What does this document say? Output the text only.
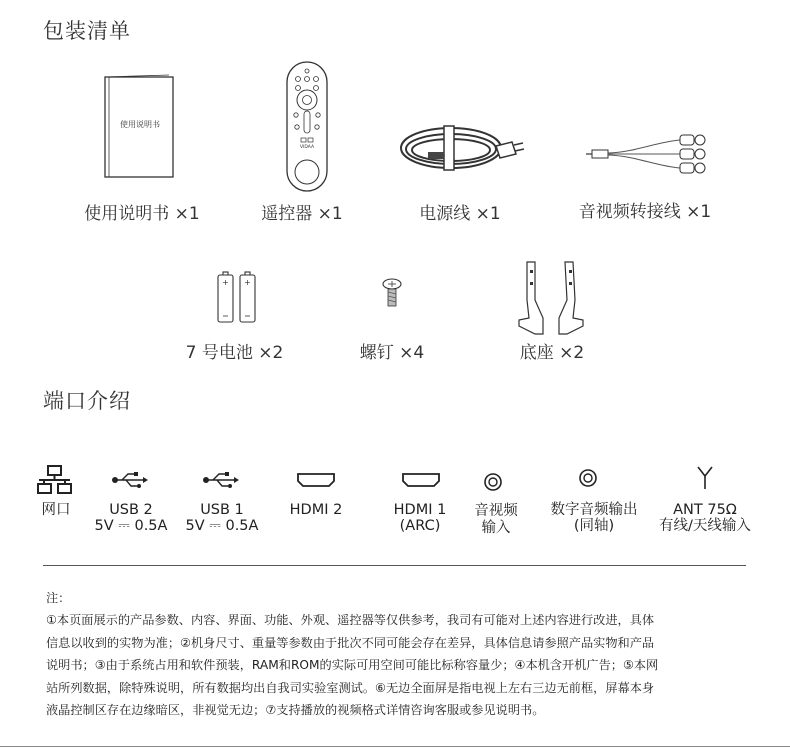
包装清单
使用说明书
VIDAA
使用说明书 ×1	遥控器 ×1	电源线 ×1	音视频转接线 ×1
+ +
7 号电池 ×2	螺钉 ×4	底座 ×2
端口介绍
网口	USB 2
5V ⎓ 0.5A
USB 1
5V ⎓ 0.5A
HDMI 2	HDMI 1
(ARC)
音视频
输入
数字音频输出
(同轴)
ANT 75Ω
有线/天线输入
注：
①本页面展示的产品参数、内容、界面、功能、外观、遥控器等仅供参考，我司有可能对上述内容进行改进，具体
信息以收到的实物为准；②机身尺寸、重量等参数由于批次不同可能会存在差异，具体信息请参照产品实物和产品
说明书；③由于系统占用和软件预装，RAM和ROM的实际可用空间可能比标称容量少；④本机含开机广告；⑤本网
站所列数据，除特殊说明，所有数据均出自我司实验室测试。⑥无边全面屏是指电视上左右三边无前框，屏幕本身
液晶控制区存在边缘暗区，非视觉无边；⑦支持播放的视频格式详情咨询客服或参见说明书。
